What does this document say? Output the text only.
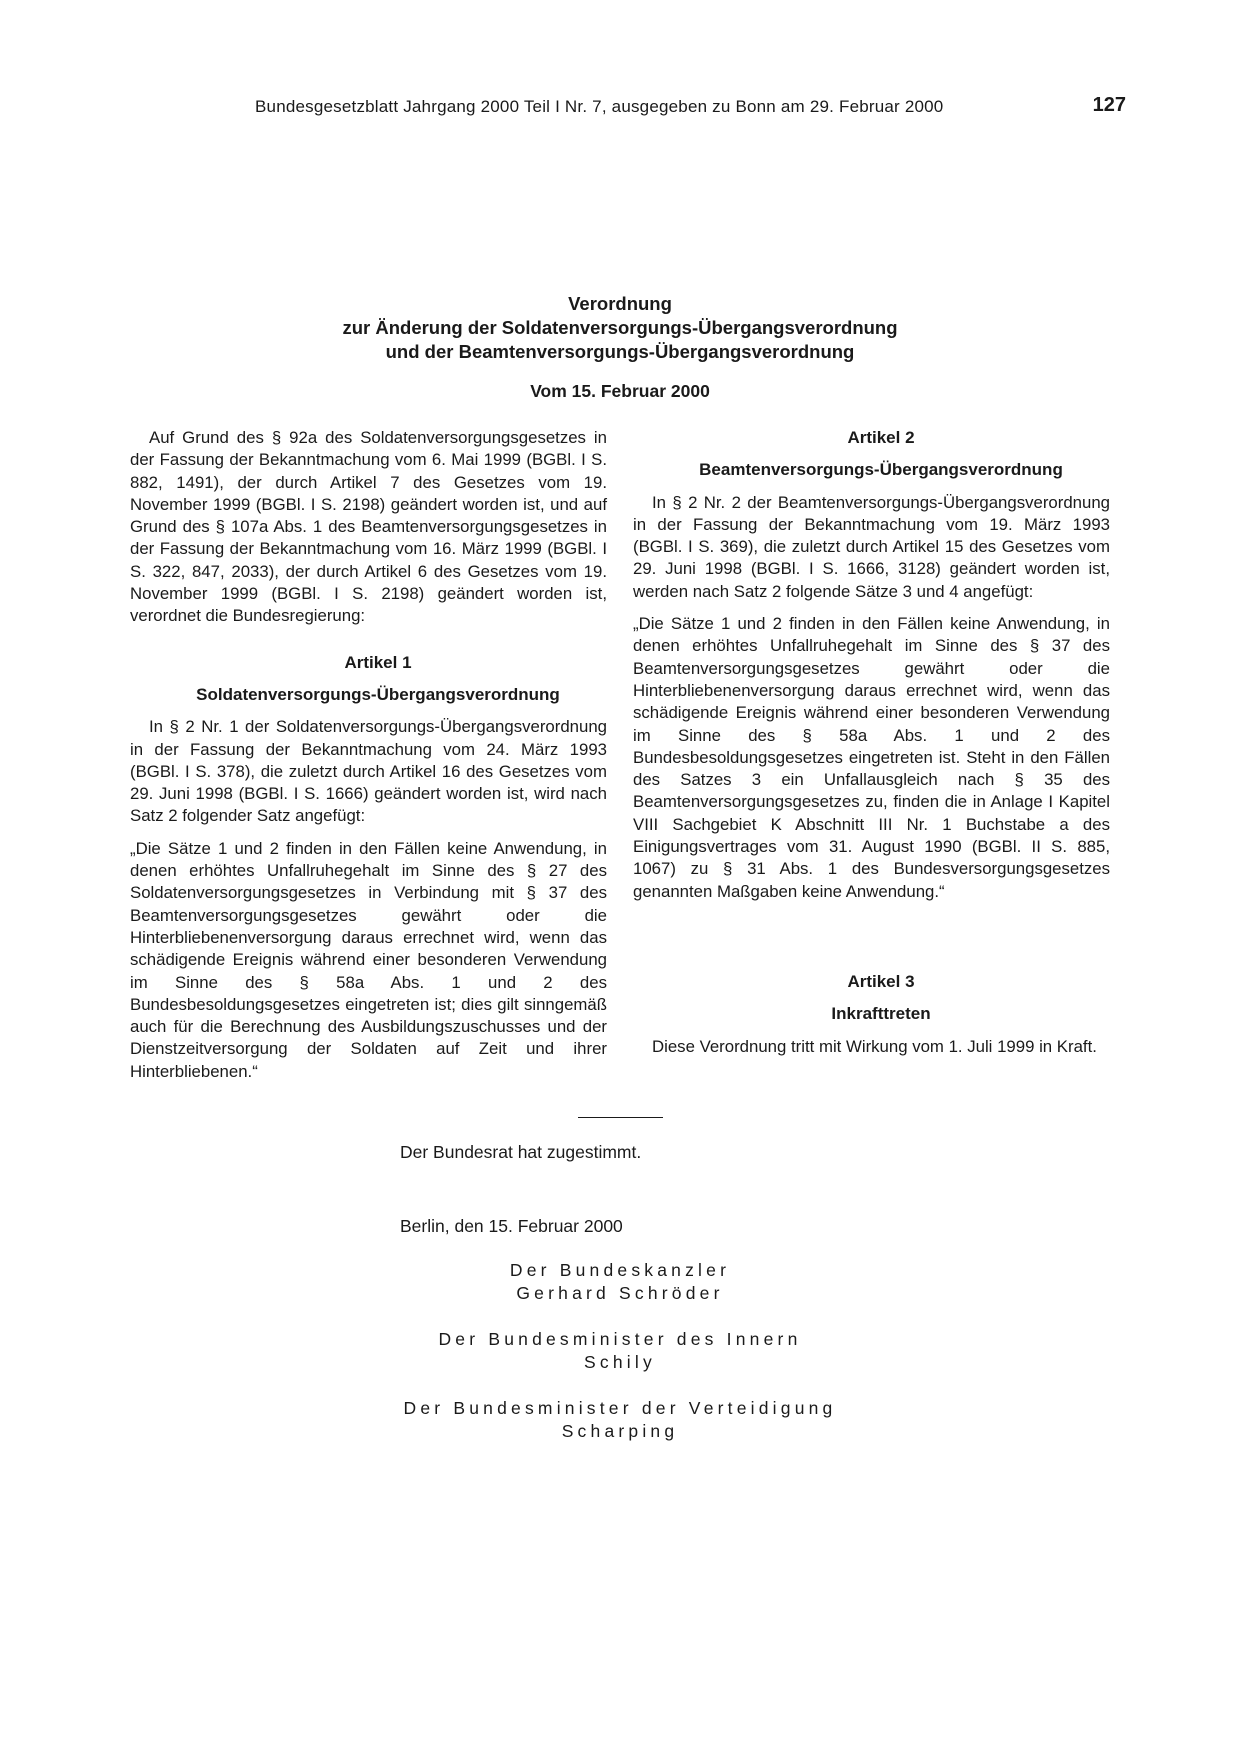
Bundesgesetzblatt Jahrgang 2000 Teil I Nr. 7, ausgegeben zu Bonn am 29. Februar 2000	127
Verordnung
zur Änderung der Soldatenversorgungs-Übergangsverordnung
und der Beamtenversorgungs-Übergangsverordnung
Vom 15. Februar 2000

Auf Grund des § 92a des Soldatenversorgungsgesetzes in der Fassung der Bekanntmachung vom 6. Mai 1999 (BGBl. I S. 882, 1491), der durch Artikel 7 des Gesetzes vom 19. November 1999 (BGBl. I S. 2198) geändert worden ist, und auf Grund des § 107a Abs. 1 des Beamtenversorgungsgesetzes in der Fassung der Bekanntmachung vom 16. März 1999 (BGBl. I S. 322, 847, 2033), der durch Artikel 6 des Gesetzes vom 19. November 1999 (BGBl. I S. 2198) geändert worden ist, verordnet die Bundesregierung:

Artikel 1

Soldatenversorgungs-Übergangsverordnung

In § 2 Nr. 1 der Soldatenversorgungs-Übergangsverordnung in der Fassung der Bekanntmachung vom 24. März 1993 (BGBl. I S. 378), die zuletzt durch Artikel 16 des Gesetzes vom 29. Juni 1998 (BGBl. I S. 1666) geändert worden ist, wird nach Satz 2 folgender Satz angefügt:

„Die Sätze 1 und 2 finden in den Fällen keine Anwendung, in denen erhöhtes Unfallruhegehalt im Sinne des § 27 des Soldatenversorgungsgesetzes in Verbindung mit § 37 des Beamtenversorgungsgesetzes gewährt oder die Hinterbliebenenversorgung daraus errechnet wird, wenn das schädigende Ereignis während einer besonderen Verwendung im Sinne des § 58a Abs. 1 und 2 des Bundesbesoldungsgesetzes eingetreten ist; dies gilt sinngemäß auch für die Berechnung des Ausbildungszuschusses und der Dienstzeitversorgung der Soldaten auf Zeit und ihrer Hinterbliebenen.“

Artikel 2

Beamtenversorgungs-Übergangsverordnung

In § 2 Nr. 2 der Beamtenversorgungs-Übergangsverordnung in der Fassung der Bekanntmachung vom 19. März 1993 (BGBl. I S. 369), die zuletzt durch Artikel 15 des Gesetzes vom 29. Juni 1998 (BGBl. I S. 1666, 3128) geändert worden ist, werden nach Satz 2 folgende Sätze 3 und 4 angefügt:

„Die Sätze 1 und 2 finden in den Fällen keine Anwendung, in denen erhöhtes Unfallruhegehalt im Sinne des § 37 des Beamtenversorgungsgesetzes gewährt oder die Hinterbliebenenversorgung daraus errechnet wird, wenn das schädigende Ereignis während einer besonderen Verwendung im Sinne des § 58a Abs. 1 und 2 des Bundesbesoldungsgesetzes eingetreten ist. Steht in den Fällen des Satzes 3 ein Unfallausgleich nach § 35 des Beamtenversorgungsgesetzes zu, finden die in Anlage I Kapitel VIII Sachgebiet K Abschnitt III Nr. 1 Buchstabe a des Einigungsvertrages vom 31. August 1990 (BGBl. II S. 885, 1067) zu § 31 Abs. 1 des Bundesversorgungsgesetzes genannten Maßgaben keine Anwendung.“

Artikel 3

Inkrafttreten

Diese Verordnung tritt mit Wirkung vom 1. Juli 1999 in Kraft.

Der Bundesrat hat zugestimmt.
Berlin, den 15. Februar 2000
Der Bundeskanzler
Gerhard Schröder
Der Bundesminister des Innern
Schily
Der Bundesminister der Verteidigung
Scharping
